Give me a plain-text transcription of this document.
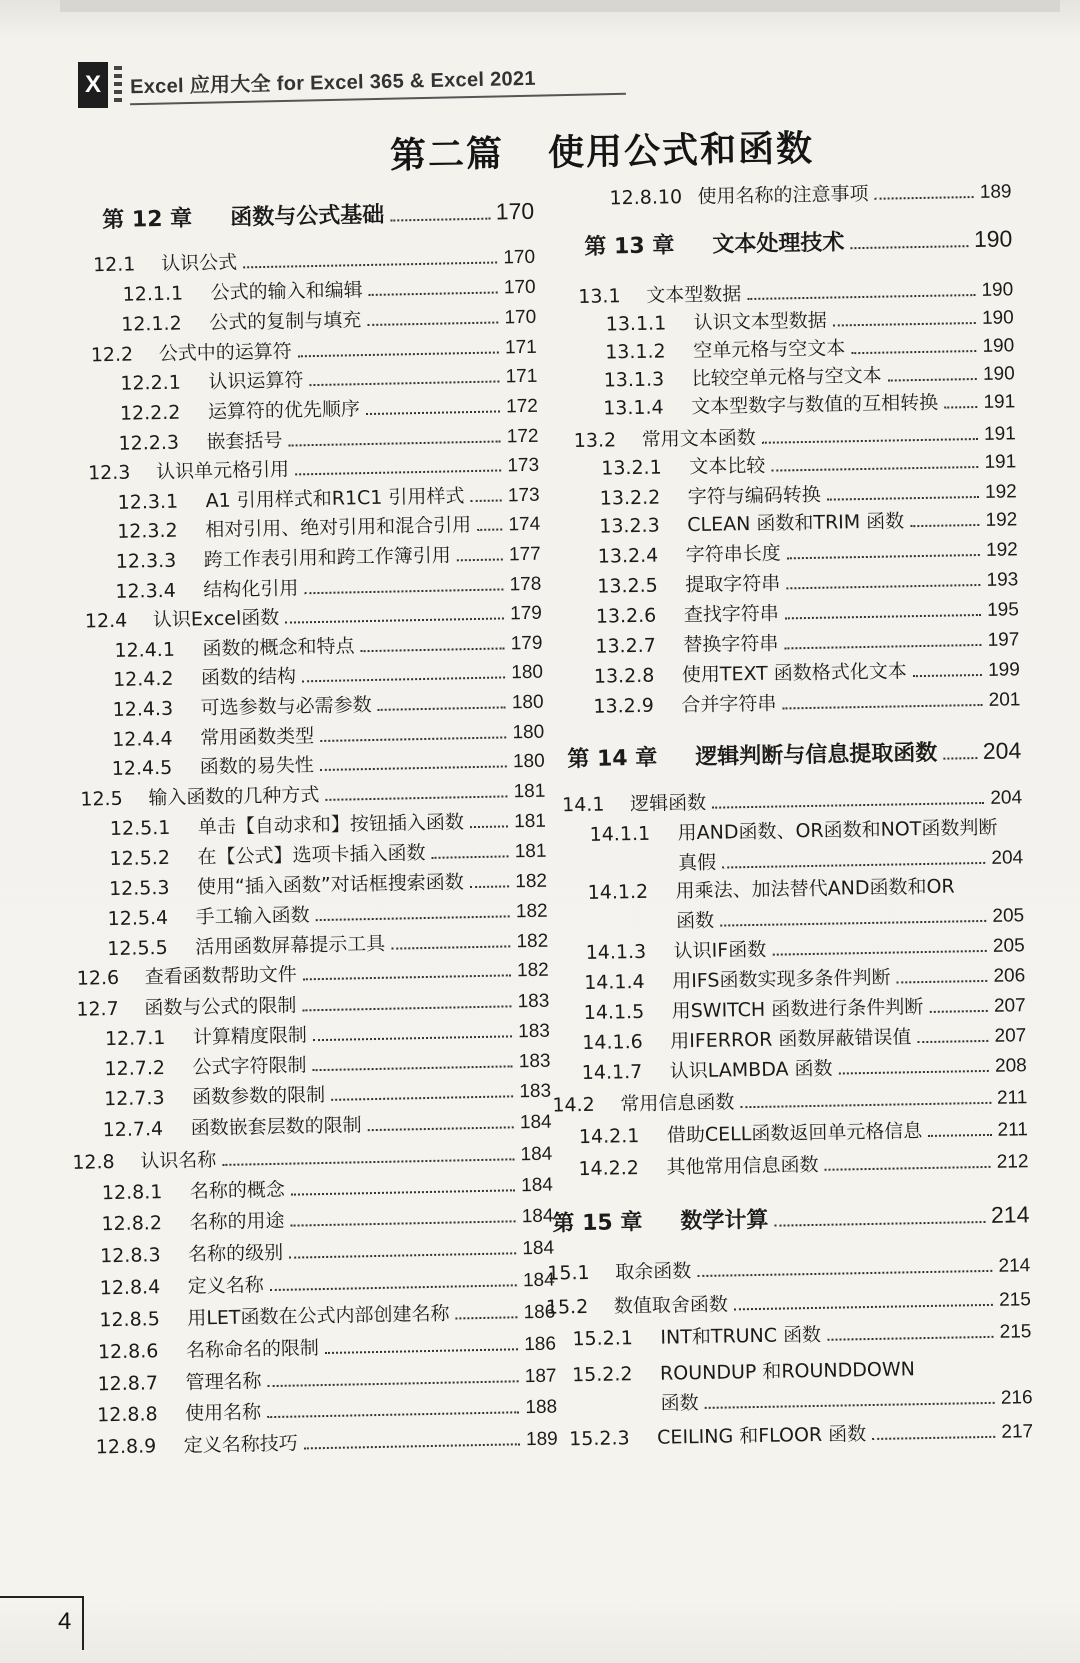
X	Excel 应用大全 for Excel 365 & Excel 2021
第二篇 使用公式和函数
第 12 章	函数与公式基础	170
12.1	认识公式	170
12.1.1	公式的输入和编辑	170
12.1.2	公式的复制与填充	170
12.2	公式中的运算符	171
12.2.1	认识运算符	171
12.2.2	运算符的优先顺序	172
12.2.3	嵌套括号	172
12.3	认识单元格引用	173
12.3.1	A1 引用样式和R1C1 引用样式 173
12.3.2	相对引用、绝对引用和混合引用 174
12.3.3	跨工作表引用和跨工作簿引用	177
12.3.4	结构化引用	178
12.4	认识Excel函数	179
12.4.1	函数的概念和特点	179
12.4.2	函数的结构	180
12.4.3	可选参数与必需参数	180
12.4.4	常用函数类型	180
12.4.5	函数的易失性	180
12.5	输入函数的几种方式	181
12.5.1	单击【自动求和】按钮插入函数	181
12.5.2	在【公式】选项卡插入函数	181
12.5.3	使用“插入函数”对话框搜索函数	182
12.5.4	手工输入函数	182
12.5.5	活用函数屏幕提示工具	182
12.6	查看函数帮助文件	182
12.7	函数与公式的限制	183
12.7.1	计算精度限制	183
12.7.2	公式字符限制	183
12.7.3	函数参数的限制	183
12.7.4	函数嵌套层数的限制	184
12.8	认识名称	184
12.8.1	名称的概念	184
12.8.2	名称的用途	184
12.8.3	名称的级别	184
12.8.4	定义名称	184
12.8.5	用LET函数在公式内部创建名称	186
12.8.6	名称命名的限制	186
12.8.7	管理名称	187
12.8.8	使用名称	188
12.8.9	定义名称技巧	189
12.8.10 使用名称的注意事项	189
第 13 章	文本处理技术	190
13.1	文本型数据	190
13.1.1	认识文本型数据	190
13.1.2	空单元格与空文本	190
13.1.3	比较空单元格与空文本	190
13.1.4	文本型数字与数值的互相转换 191
13.2	常用文本函数	191
13.2.1	文本比较	191
13.2.2	字符与编码转换	192
13.2.3	CLEAN 函数和TRIM 函数	192
13.2.4	字符串长度	192
13.2.5	提取字符串	193
13.2.6	查找字符串	195
13.2.7	替换字符串	197
13.2.8	使用TEXT 函数格式化文本	199
13.2.9	合并字符串	201
第 14 章	逻辑判断与信息提取函数 204
14.1	逻辑函数	204
14.1.1	用AND函数、OR函数和NOT函数判断
真假	204
14.1.2	用乘法、加法替代AND函数和OR
函数	205
14.1.3	认识IF函数	205
14.1.4	用IFS函数实现多条件判断	206
14.1.5	用SWITCH 函数进行条件判断	207
14.1.6	用IFERROR 函数屏蔽错误值	207
14.1.7	认识LAMBDA 函数	208
14.2	常用信息函数	211
14.2.1	借助CELL函数返回单元格信息	211
14.2.2	其他常用信息函数	212
第 15 章	数学计算	214
15.1	取余函数	214
15.2	数值取舍函数	215
15.2.1	INT和TRUNC 函数	215
15.2.2	ROUNDUP 和ROUNDDOWN
函数	216
15.2.3	CEILING 和FLOOR 函数	217
4
